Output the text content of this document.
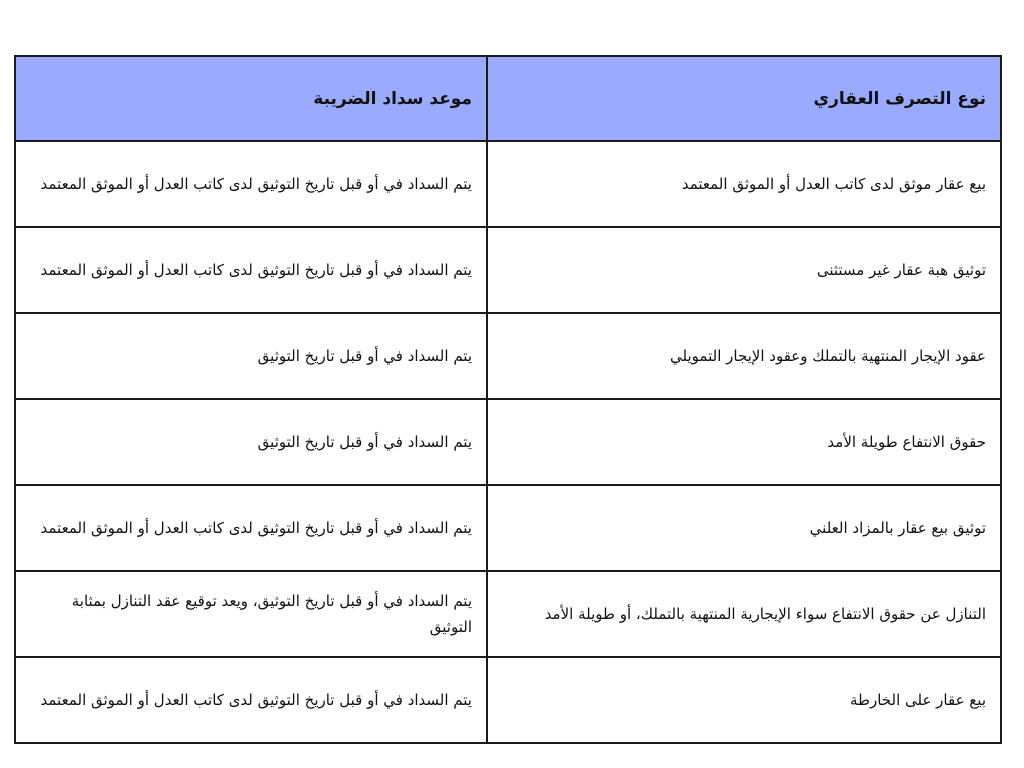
نوع التصرف العقاري	موعد سداد الضريبة
بيع عقار موثق لدى كاتب العدل أو الموثق المعتمد	يتم السداد في أو قبل تاريخ التوثيق لدى كاتب العدل أو الموثق المعتمد
توثيق هبة عقار غير مستثنى	يتم السداد في أو قبل تاريخ التوثيق لدى كاتب العدل أو الموثق المعتمد
عقود الإيجار المنتهية بالتملك وعقود الإيجار التمويلي	يتم السداد في أو قبل تاريخ التوثيق
حقوق الانتفاع طويلة الأمد	يتم السداد في أو قبل تاريخ التوثيق
توثيق بيع عقار بالمزاد العلني	يتم السداد في أو قبل تاريخ التوثيق لدى كاتب العدل أو الموثق المعتمد
التنازل عن حقوق الانتفاع سواء الإيجارية المنتهية بالتملك، أو طويلة الأمد	يتم السداد في أو قبل تاريخ التوثيق، ويعد توقيع عقد التنازل بمثابة التوثيق
بيع عقار على الخارطة	يتم السداد في أو قبل تاريخ التوثيق لدى كاتب العدل أو الموثق المعتمد
